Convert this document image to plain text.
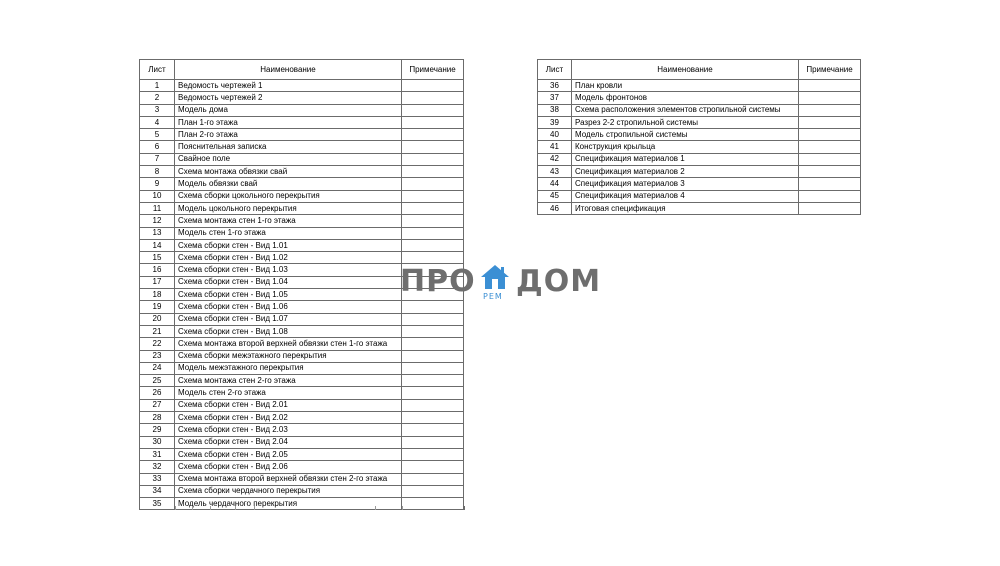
Лист	Наименование	Примечание
1	Ведомость чертежей 1	
2	Ведомость чертежей 2	
3	Модель дома	
4	План 1-го этажа	
5	План 2-го этажа	
6	Пояснительная записка	
7	Свайное поле	
8	Схема монтажа обвязки свай	
9	Модель обвязки свай	
10	Схема сборки цокольного перекрытия	
11	Модель цокольного перекрытия	
12	Схема монтажа стен 1-го этажа	
13	Модель стен 1-го этажа	
14	Схема сборки стен - Вид 1.01	
15	Схема сборки стен - Вид 1.02	
16	Схема сборки стен - Вид 1.03	
17	Схема сборки стен - Вид 1.04	
18	Схема сборки стен - Вид 1.05	
19	Схема сборки стен - Вид 1.06	
20	Схема сборки стен - Вид 1.07	
21	Схема сборки стен - Вид 1.08	
22	Схема монтажа второй верхней обвязки стен 1-го этажа	
23	Схема сборки межэтажного перекрытия	
24	Модель межэтажного перекрытия	
25	Схема монтажа стен 2-го этажа	
26	Модель стен 2-го этажа	
27	Схема сборки стен - Вид 2.01	
28	Схема сборки стен - Вид 2.02	
29	Схема сборки стен - Вид 2.03	
30	Схема сборки стен - Вид 2.04	
31	Схема сборки стен - Вид 2.05	
32	Схема сборки стен - Вид 2.06	
33	Схема монтажа второй верхней обвязки стен 2-го этажа	
34	Схема сборки чердачного перекрытия	
35	Модель чердачного перекрытия	
Лист	Наименование	Примечание
36	План кровли	
37	Модель фронтонов	
38	Схема расположения элементов стропильной системы	
39	Разрез 2-2 стропильной системы	
40	Модель стропильной системы	
41	Конструкция крыльца	
42	Спецификация материалов 1	
43	Спецификация материалов 2	
44	Спецификация материалов 3	
45	Спецификация материалов 4	
46	Итоговая спецификация	
ПРО РЕМ ДОМ
